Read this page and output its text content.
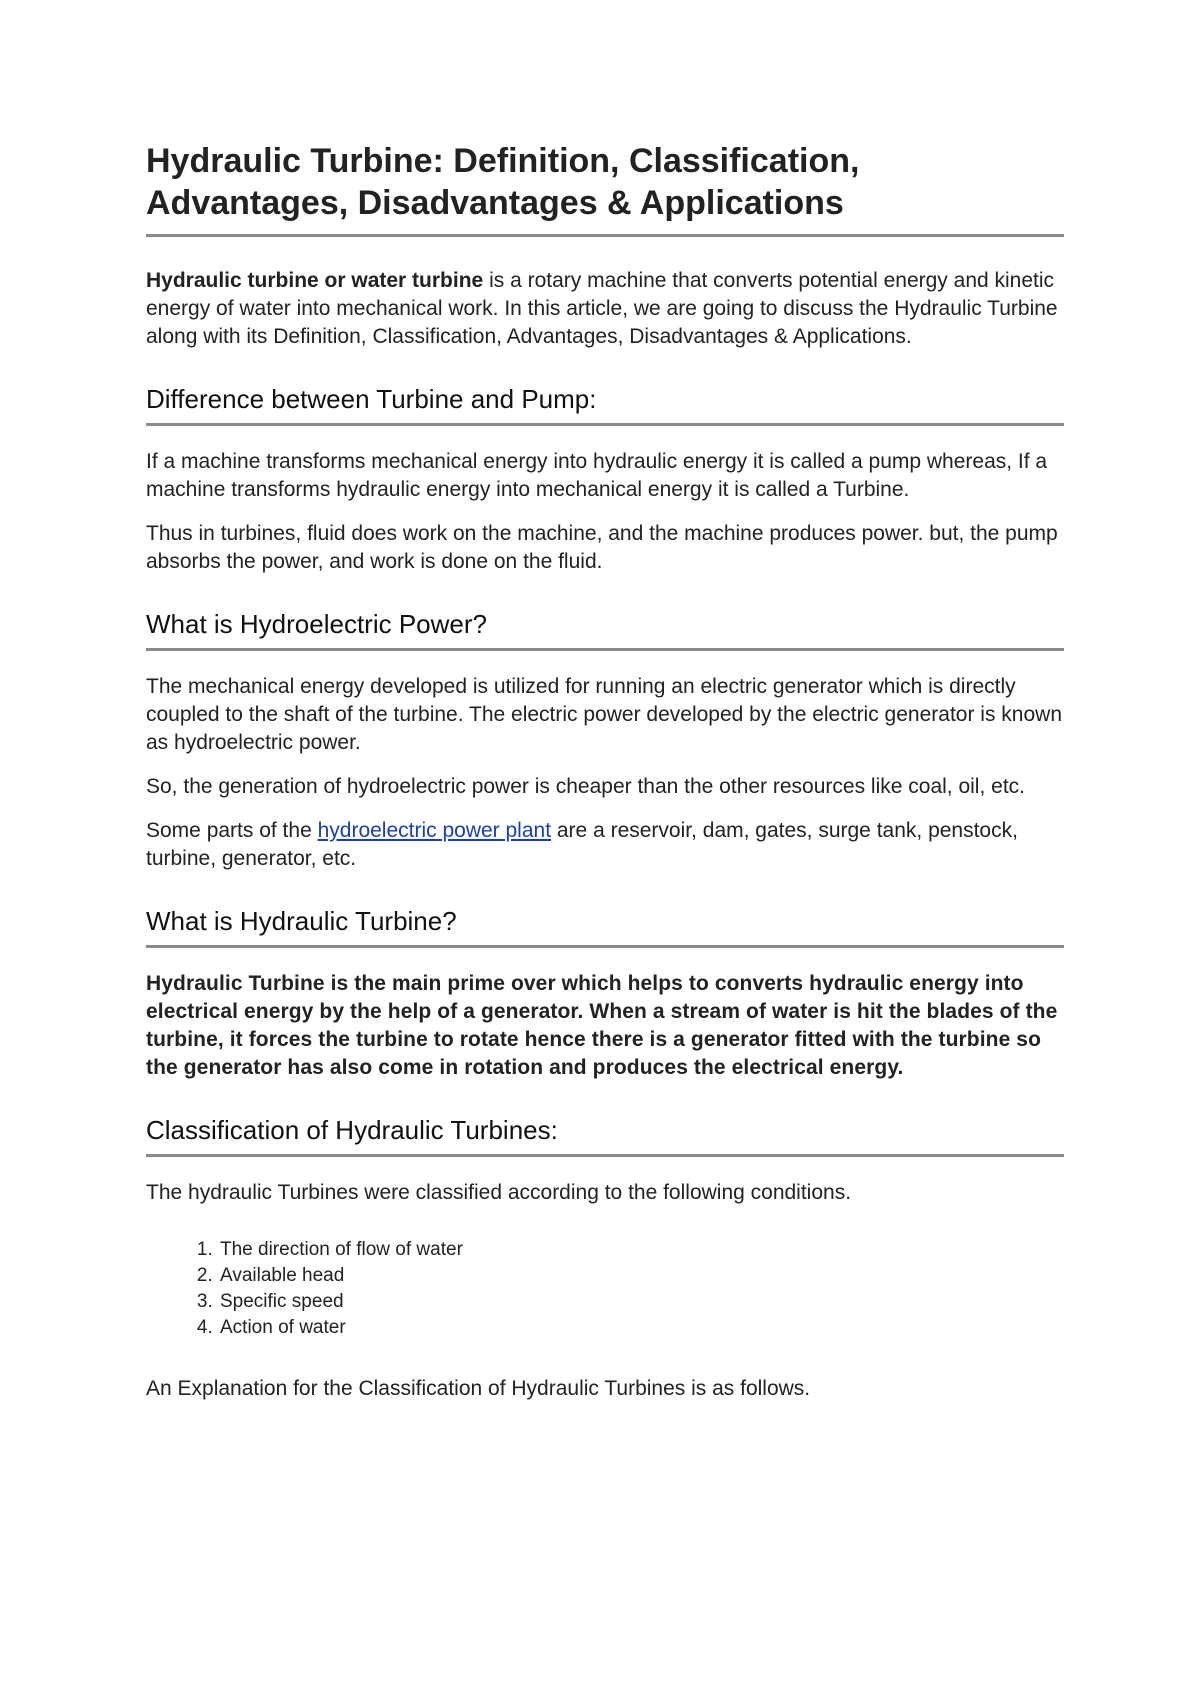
Hydraulic Turbine: Definition, Classification, Advantages, Disadvantages & Applications

Hydraulic turbine or water turbine is a rotary machine that converts potential energy and kinetic energy of water into mechanical work. In this article, we are going to discuss the Hydraulic Turbine along with its Definition, Classification, Advantages, Disadvantages & Applications.

Difference between Turbine and Pump:

If a machine transforms mechanical energy into hydraulic energy it is called a pump whereas, If a machine transforms hydraulic energy into mechanical energy it is called a Turbine.

Thus in turbines, fluid does work on the machine, and the machine produces power. but, the pump absorbs the power, and work is done on the fluid.

What is Hydroelectric Power?

The mechanical energy developed is utilized for running an electric generator which is directly coupled to the shaft of the turbine. The electric power developed by the electric generator is known as hydroelectric power.

So, the generation of hydroelectric power is cheaper than the other resources like coal, oil, etc.

Some parts of the hydroelectric power plant are a reservoir, dam, gates, surge tank, penstock, turbine, generator, etc.

What is Hydraulic Turbine?

Hydraulic Turbine is the main prime over which helps to converts hydraulic energy into electrical energy by the help of a generator. When a stream of water is hit the blades of the turbine, it forces the turbine to rotate hence there is a generator fitted with the turbine so the generator has also come in rotation and produces the electrical energy.

Classification of Hydraulic Turbines:

The hydraulic Turbines were classified according to the following conditions.

1. The direction of flow of water
2. Available head
3. Specific speed
4. Action of water

An Explanation for the Classification of Hydraulic Turbines is as follows.
